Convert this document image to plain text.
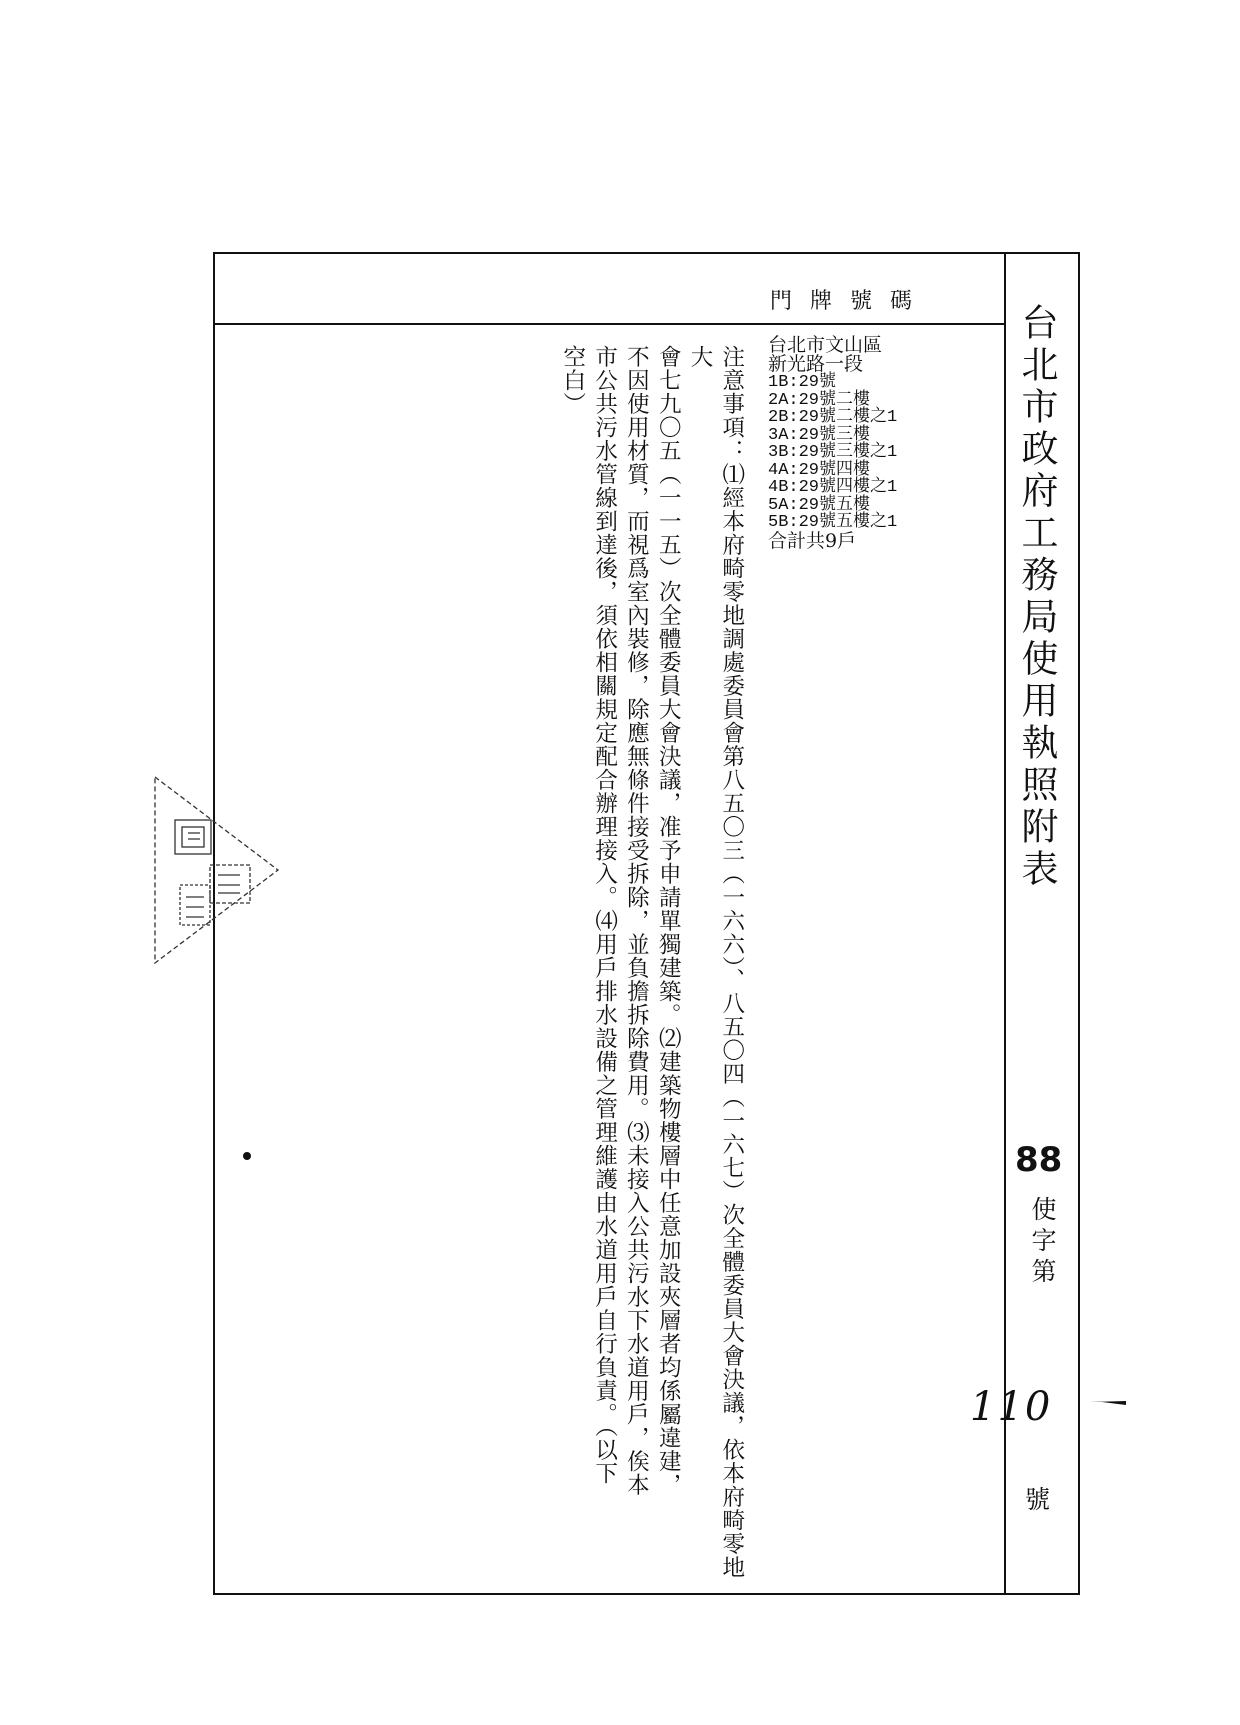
門牌號碼
台北市政府工務局使用執照附表
88
使字第
110
號
台北市文山區
新光路一段
1B:29號
2A:29號二樓
2B:29號二樓之1
3A:29號三樓
3B:29號三樓之1
4A:29號四樓
4B:29號四樓之1
5A:29號五樓
5B:29號五樓之1
合計共9戶

注意事項：⑴經本府畸零地調處委員會第八五〇三（一六六）、八五〇四（一六七）次全體委員大會決議，依本府畸零地大

會七九〇五（一一五）次全體委員大會決議，准予申請單獨建築。⑵建築物樓層中任意加設夾層者均係屬違建，

不因使用材質，而視爲室內裝修，除應無條件接受拆除，並負擔拆除費用。⑶未接入公共污水下水道用戶，俟本

市公共污水管線到達後，須依相關規定配合辦理接入。⑷用戶排水設備之管理維護由水道用戶自行負責。（以下

空白）
